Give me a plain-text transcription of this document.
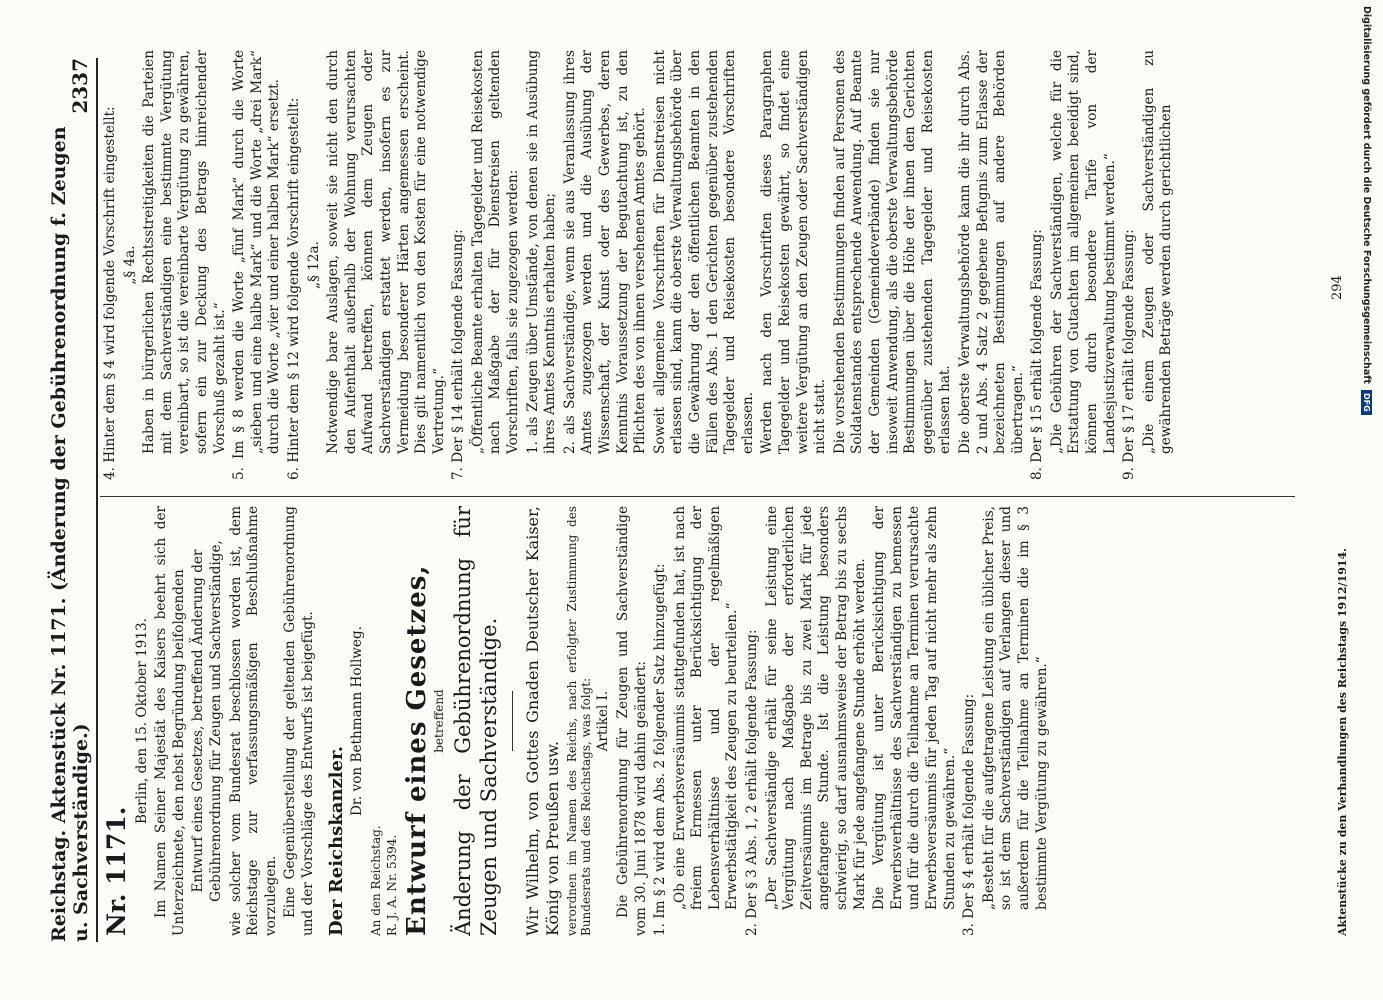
Reichstag. Aktenstück Nr. 1171. (Änderung der Gebührenordnung f. Zeugen u. Sachverständige.)
2337

Nr. 1171.

Berlin, den 15. Oktober 1913. Im Namen Seiner Majestät des Kaisers beehrt sich der Unterzeichnete, den nebst Begründung beifolgenden Entwurf eines Gesetzes, betreffend Änderung der Gebührenordnung für Zeugen und Sachverständige, wie solcher vom Bundesrat beschlossen worden ist, dem Reichstage zur verfassungsmäßigen Beschlußnahme vorzulegen. Eine Gegenüberstellung der geltenden Gebührenordnung und der Vorschläge des Entwurfs ist beigefügt. Der Reichskanzler.

Dr. von Bethmann Hollweg.

An den Reichstag. R. J. A. Nr. 5394. Entwurf eines Gesetzes, betreffend Änderung der Gebührenordnung für Zeugen und Sachverständige. Wir Wilhelm, von Gottes Gnaden Deutscher Kaiser, König von Preußen usw. verordnen im Namen des Reichs, nach erfolgter Zustimmung des Bundesrats und des Reichstags, was folgt: Artikel I. Die Gebührenordnung für Zeugen und Sachverständige vom 30. Juni 1878 wird dahin geändert: 1. Im § 2 wird dem Abs. 2 folgender Satz hinzugefügt: „Ob eine Erwerbsversäumnis stattgefunden hat, ist nach freiem Ermessen unter Berücksichtigung der Lebensverhältnisse und der regelmäßigen Erwerbstätigkeit des Zeugen zu beurteilen.“ 2. Der § 3 Abs. 1, 2 erhält folgende Fassung: „Der Sachverständige erhält für seine Leistung eine Vergütung nach Maßgabe der erforderlichen Zeitversäumnis im Betrage bis zu zwei Mark für jede angefangene Stunde. Ist die Leistung besonders schwierig, so darf ausnahmsweise der Betrag bis zu sechs Mark für jede angefangene Stunde erhöht werden. Die Vergütung ist unter Berücksichtigung der Erwerbsverhältnisse des Sachverständigen zu bemessen und für die durch die Teilnahme an Terminen verursachte Erwerbsversäumnis für jeden Tag auf nicht mehr als zehn Stunden zu gewähren.“ 3. Der § 4 erhält folgende Fassung: „Besteht für die aufgetragene Leistung ein üblicher Preis, so ist dem Sachverständigen auf Verlangen dieser und außerdem für die Teilnahme an Terminen die im § 3 bestimmte Vergütung zu gewähren.“

4. Hinter dem § 4 wird folgende Vorschrift eingestellt: „§ 4a. Haben in bürgerlichen Rechtsstreitigkeiten die Parteien mit dem Sachverständigen eine bestimmte Vergütung vereinbart, so ist die vereinbarte Vergütung zu gewähren, sofern ein zur Deckung des Betrags hinreichender Vorschuß gezahlt ist.“ 5. Im § 8 werden die Worte „fünf Mark“ durch die Worte „sieben und eine halbe Mark“ und die Worte „drei Mark“ durch die Worte „vier und einer halben Mark“ ersetzt. 6. Hinter dem § 12 wird folgende Vorschrift eingestellt: „§ 12a. Notwendige bare Auslagen, soweit sie nicht den durch den Aufenthalt außerhalb der Wohnung verursachten Aufwand betreffen, können dem Zeugen oder Sachverständigen erstattet werden, insofern es zur Vermeidung besonderer Härten angemessen erscheint. Dies gilt namentlich von den Kosten für eine notwendige Vertretung.“ 7. Der § 14 erhält folgende Fassung: „Öffentliche Beamte erhalten Tagegelder und Reisekosten nach Maßgabe der für Dienstreisen geltenden Vorschriften, falls sie zugezogen werden: 1. als Zeugen über Umstände, von denen sie in Ausübung ihres Amtes Kenntnis erhalten haben; 2. als Sachverständige, wenn sie aus Veranlassung ihres Amtes zugezogen werden und die Ausübung der Wissenschaft, der Kunst oder des Gewerbes, deren Kenntnis Voraussetzung der Begutachtung ist, zu den Pflichten des von ihnen versehenen Amtes gehört. Soweit allgemeine Vorschriften für Dienstreisen nicht erlassen sind, kann die oberste Verwaltungsbehörde über die Gewährung der den öffentlichen Beamten in den Fällen des Abs. 1 den Gerichten gegenüber zustehenden Tagegelder und Reisekosten besondere Vorschriften erlassen. Werden nach den Vorschriften dieses Paragraphen Tagegelder und Reisekosten gewährt, so findet eine weitere Vergütung an den Zeugen oder Sachverständigen nicht statt. Die vorstehenden Bestimmungen finden auf Personen des Soldatenstandes entsprechende Anwendung. Auf Beamte der Gemeinden (Gemeindeverbände) finden sie nur insoweit Anwendung, als die oberste Verwaltungsbehörde Bestimmungen über die Höhe der ihnen den Gerichten gegenüber zustehenden Tagegelder und Reisekosten erlassen hat. Die oberste Verwaltungsbehörde kann die ihr durch Abs. 2 und Abs. 4 Satz 2 gegebene Befugnis zum Erlasse der bezeichneten Bestimmungen auf andere Behörden übertragen.“ 8. Der § 15 erhält folgende Fassung: „Die Gebühren der Sachverständigen, welche für die Erstattung von Gutachten im allgemeinen beeidigt sind, können durch besondere Tarife von der Landesjustizverwaltung bestimmt werden.“ 9. Der § 17 erhält folgende Fassung: „Die einem Zeugen oder Sachverständigen zu gewährenden Beträge werden durch gerichtlichen

Aktenstücke zu den Verhandlungen des Reichstags 1912/1914.
294 Digitalisierung gefördert durch die Deutsche Forschungsgemeinschaft
DFG
